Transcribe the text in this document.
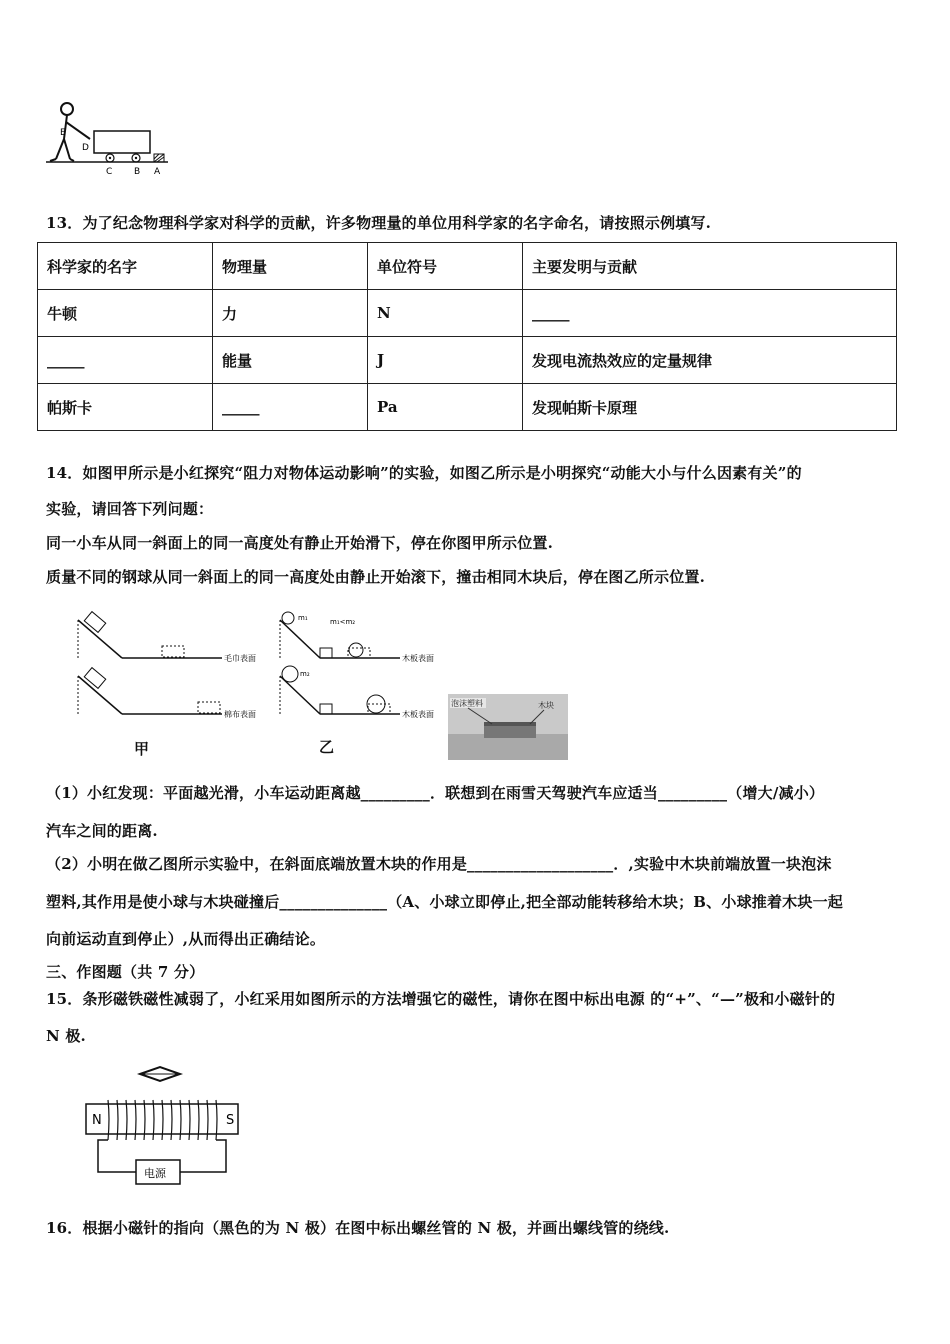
E
D
C B A
13．为了纪念物理科学家对科学的贡献，许多物理量的单位用科学家的名字命名，请按照示例填写.
科学家的名字	物理量	单位符号	主要发明与贡献
牛顿	力	N	_____
_____	能量	J	发现电流热效应的定量规律
帕斯卡	_____	Pa	发现帕斯卡原理
14．如图甲所示是小红探究“阻力对物体运动影响”的实验，如图乙所示是小明探究“动能大小与什么因素有关”的
实验，请回答下列问题：
同一小车从同一斜面上的同一高度处有静止开始滑下，停在你图甲所示位置.
质量不同的钢球从同一斜面上的同一高度处由静止开始滚下，撞击相同木块后，停在图乙所示位置.
毛巾表面
棉布表面
甲
m₁	m₁<m₂
木板表面
m₂
木板表面
乙
泡沫塑料	木块
（1）小红发现：平面越光滑，小车运动距离越_________．联想到在雨雪天驾驶汽车应适当_________（增大/减小）
汽车之间的距离.
（2）小明在做乙图所示实验中，在斜面底端放置木块的作用是___________________．,实验中木块前端放置一块泡沫
塑料,其作用是使小球与木块碰撞后______________（A、小球立即停止,把全部动能转移给木块；B、小球推着木块一起
向前运动直到停止）,从而得出正确结论。
三、作图题（共 7 分）
15．条形磁铁磁性减弱了，小红采用如图所示的方法增强它的磁性，请你在图中标出电源 的“+”、“—”极和小磁针的
N 极.
N	S
电源
16．根据小磁针的指向（黑色的为 N 极）在图中标出螺丝管的 N 极，并画出螺线管的绕线.
